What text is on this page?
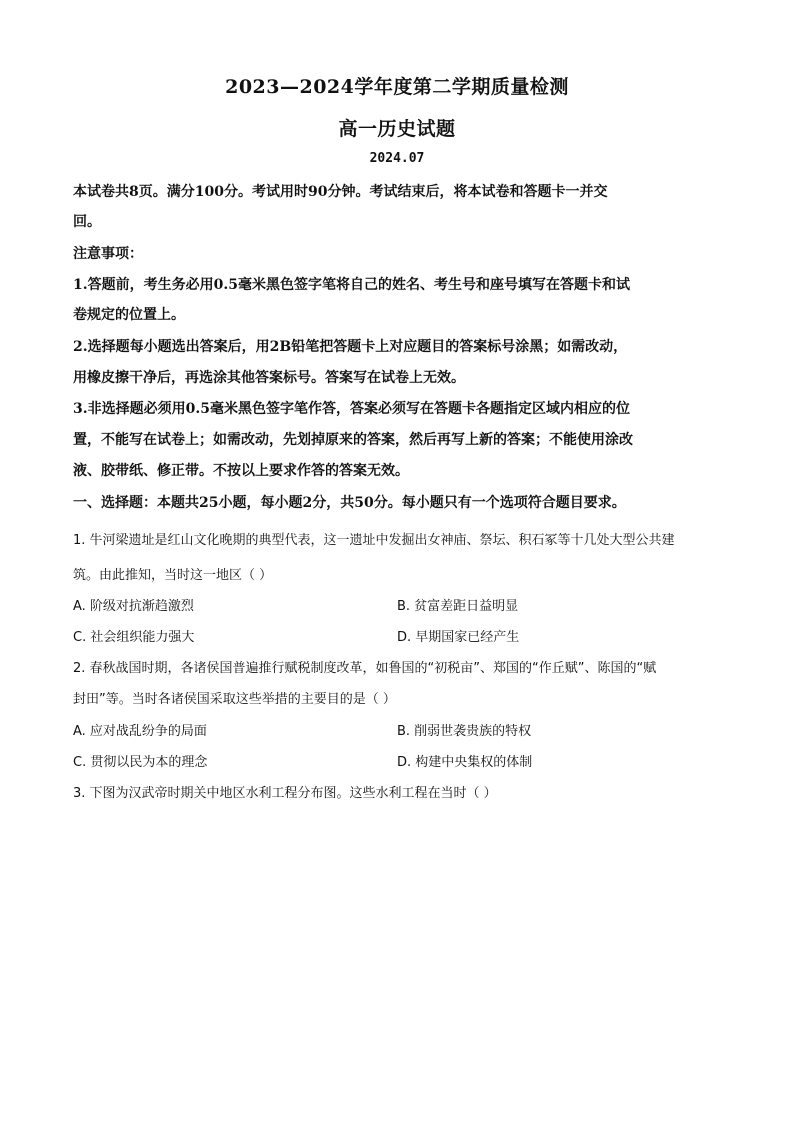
2023—2024学年度第二学期质量检测
高一历史试题
2024.07
本试卷共8页。满分100分。考试用时90分钟。考试结束后，将本试卷和答题卡一并交
回。
注意事项：
1.答题前，考生务必用0.5毫米黑色签字笔将自己的姓名、考生号和座号填写在答题卡和试
卷规定的位置上。
2.选择题每小题选出答案后，用2B铅笔把答题卡上对应题目的答案标号涂黑；如需改动，
用橡皮擦干净后，再选涂其他答案标号。答案写在试卷上无效。
3.非选择题必须用0.5毫米黑色签字笔作答，答案必须写在答题卡各题指定区域内相应的位
置，不能写在试卷上；如需改动，先划掉原来的答案，然后再写上新的答案；不能使用涂改
液、胶带纸、修正带。不按以上要求作答的答案无效。
一、选择题：本题共25小题，每小题2分，共50分。每小题只有一个选项符合题目要求。
1. 牛河梁遗址是红山文化晚期的典型代表，这一遗址中发掘出女神庙、祭坛、积石冢等十几处大型公共建
筑。由此推知，当时这一地区（ ）
A. 阶级对抗渐趋激烈	B. 贫富差距日益明显
C. 社会组织能力强大	D. 早期国家已经产生
2. 春秋战国时期，各诸侯国普遍推行赋税制度改革，如鲁国的“初税亩”、郑国的“作丘赋”、陈国的“赋
封田”等。当时各诸侯国采取这些举措的主要目的是（ ）
A. 应对战乱纷争的局面	B. 削弱世袭贵族的特权
C. 贯彻以民为本的理念	D. 构建中央集权的体制
3. 下图为汉武帝时期关中地区水利工程分布图。这些水利工程在当时（ ）
